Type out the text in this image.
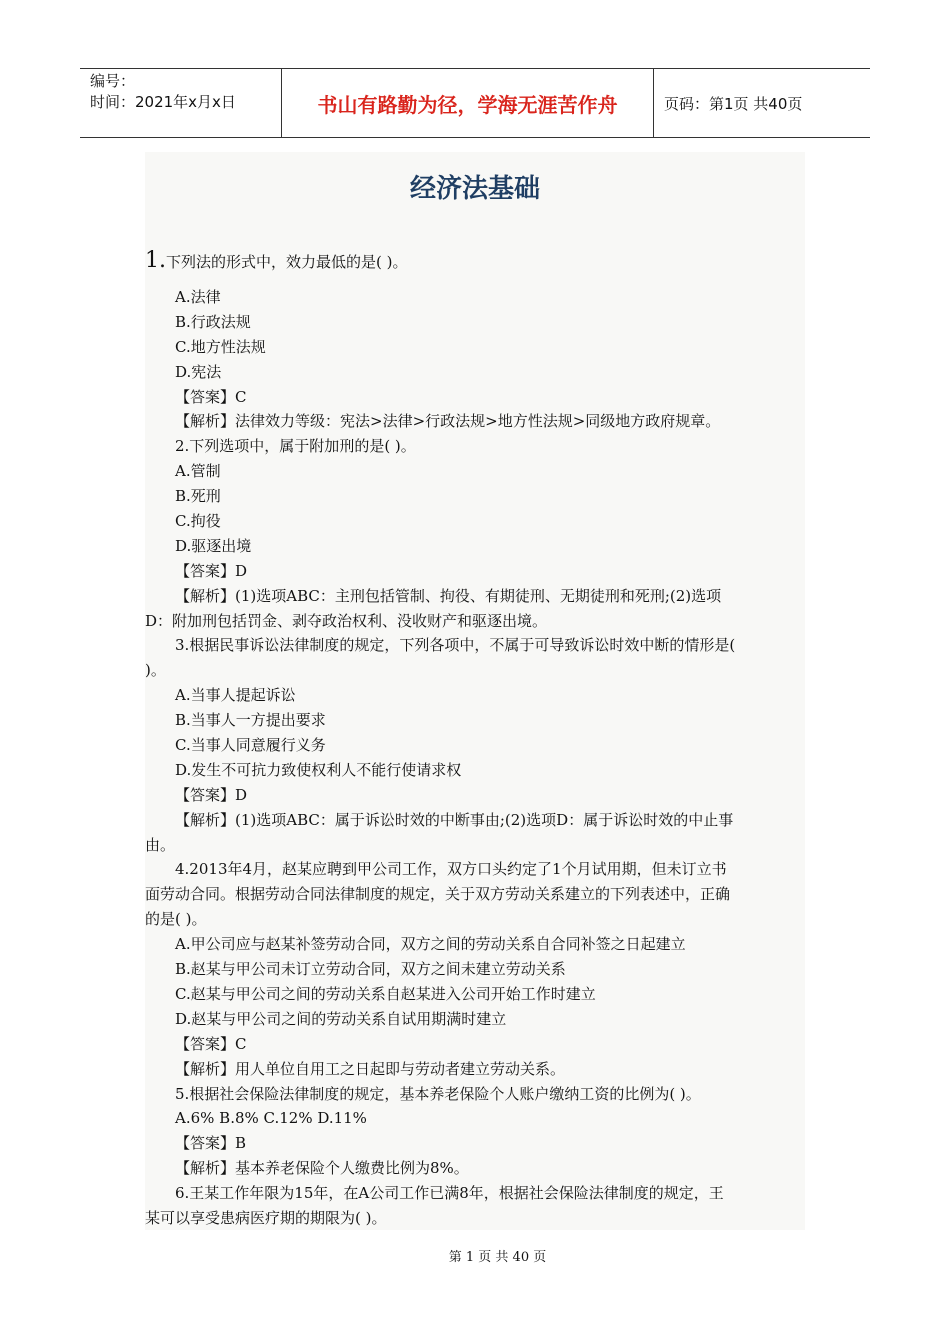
编号：
时间：2021年x月x日	书山有路勤为径，学海无涯苦作舟	页码：第1页 共40页
经济法基础
1.下列法的形式中，效力最低的是( )。
A.法律
B.行政法规
C.地方性法规
D.宪法
【答案】C
【解析】法律效力等级：宪法>法律>行政法规>地方性法规>同级地方政府规章。
2.下列选项中，属于附加刑的是( )。
A.管制
B.死刑
C.拘役
D.驱逐出境
【答案】D
【解析】(1)选项ABC：主刑包括管制、拘役、有期徒刑、无期徒刑和死刑;(2)选项
D：附加刑包括罚金、剥夺政治权利、没收财产和驱逐出境。
3.根据民事诉讼法律制度的规定，下列各项中，不属于可导致诉讼时效中断的情形是(
)。
A.当事人提起诉讼
B.当事人一方提出要求
C.当事人同意履行义务
D.发生不可抗力致使权利人不能行使请求权
【答案】D
【解析】(1)选项ABC：属于诉讼时效的中断事由;(2)选项D：属于诉讼时效的中止事
由。
4.2013年4月，赵某应聘到甲公司工作，双方口头约定了1个月试用期，但未订立书
面劳动合同。根据劳动合同法律制度的规定，关于双方劳动关系建立的下列表述中，正确
的是( )。
A.甲公司应与赵某补签劳动合同，双方之间的劳动关系自合同补签之日起建立
B.赵某与甲公司未订立劳动合同，双方之间未建立劳动关系
C.赵某与甲公司之间的劳动关系自赵某进入公司开始工作时建立
D.赵某与甲公司之间的劳动关系自试用期满时建立
【答案】C
【解析】用人单位自用工之日起即与劳动者建立劳动关系。
5.根据社会保险法律制度的规定，基本养老保险个人账户缴纳工资的比例为( )。
A.6% B.8% C.12% D.11%
【答案】B
【解析】基本养老保险个人缴费比例为8%。
6.王某工作年限为15年，在A公司工作已满8年，根据社会保险法律制度的规定，王
某可以享受患病医疗期的期限为( )。
第 1 页 共 40 页
